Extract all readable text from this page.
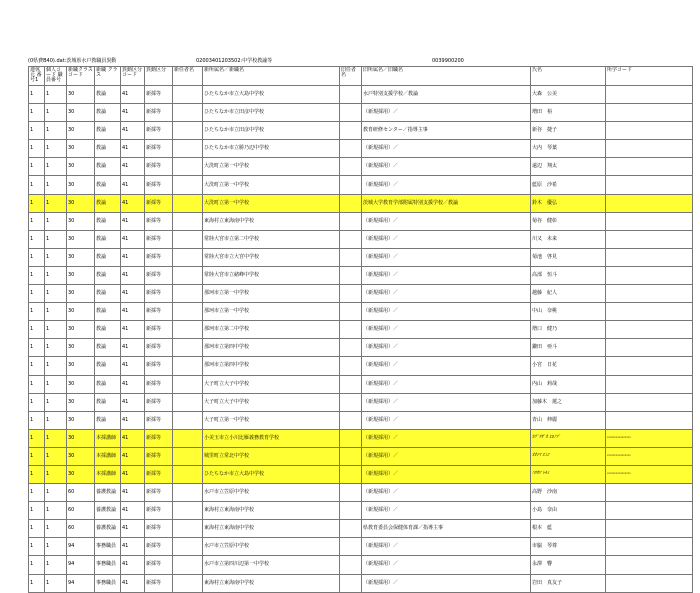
(0県費B40).dat:茨城県水戸教職員異動	02003401203502:中学校教諭等	0039900200
連休元 番号1	個人コード 職員番号	新職クラス コード	新職 クラス	異動区分 コード	異動区分	新任者名	新所属名／新職名	旧任者名	旧所属名／旧職名	氏名	所学コード
1	1	30	教論	41	新採等		ひたちなか市立大島中学校		水戸特別支援学校／教論	大森　公美	
1	1	30	教論	41	新採等		ひたちなか市立田彦中学校		（新規採用）／	増田　裕	
1	1	30	教論	41	新採等		ひたちなか市立田彦中学校		教育研修センター／指導主事	新谷　捷子	
1	1	30	教論	41	新採等		ひたちなか市立勝乃辺中学校		（新規採用）／	大内　琴葉	
1	1	30	教論	41	新採等		大洗町立第一中学校		（新規採用）／	遠辺　翔太	
1	1	30	教論	41	新採等		大洗町立第一中学校		（新規採用）／	藍原　沙希	
1	1	30	教論	41	新採等		大洗町立第一中学校		茨城大学教育学部附属特別支援学校／教論	鈴木　優弘	
1	1	30	教論	41	新採等		東海村立東海南中学校		（新規採用）／	菊谷　健彰	
1	1	30	教論	41	新採等		常陸大宮市立第二中学校		（新規採用）／	川又　未来	
1	1	30	教論	41	新採等		常陸大宮市立大宮中学校		（新規採用）／	菊池　啓見	
1	1	30	教論	41	新採等		常陸大宮市立緒峰中学校		（新規採用）／	高部　恒斗	
1	1	30	教論	41	新採等		那珂市立第一中学校		（新規採用）／	越藤　紀人	
1	1	30	教論	41	新採等		那珂市立第一中学校		（新規採用）／	中山　奈桃	
1	1	30	教論	41	新採等		那珂市立第二中学校		（新規採用）／	増口　健乃	
1	1	30	教論	41	新採等		那珂市立第四中学校		（新規採用）／	鎌田　亜斗	
1	1	30	教論	41	新採等		那珂市立第四中学校		（新規採用）／	小宮　日花	
1	1	30	教論	41	新採等		大子町立大子中学校		（新規採用）／	内山　莉哉	
1	1	30	教論	41	新採等		大子町立大子中学校		（新規採用）／	加藤木　蓮之	
1	1	30	教論	41	新採等		大子町立第一中学校		（新規採用）／	青山　伸麗	
1	1	30	本採講師	41	新採等		小美玉市立小川比雁義務教育学校		（新規採用）／	ｶｸﾞﾗｻﾞｶ ﾋﾛﾉﾌﾞ	xxxxxxxxxxxxxxxx
1	1	30	本採講師	41	新採等		城里町立常北中学校		（新規採用）／	ｵｵｼﾏ ｴﾐｺ	xxxxxxxxxxxxxxxx
1	1	30	本採講師	41	新採等		ひたちなか市立大島中学校		（新規採用）／	ﾊﾂｶﾜ ﾄﾓﾐ	xxxxxxxxxxxxxxxx
1	1	60	養護教論	41	新採等		水戸市立笠原中学校		（新規採用）／	高野　沙南	
1	1	60	養護教論	41	新採等		東海村立東海南中学校		（新規採用）／	小島　奈由	
1	1	60	養護教論	41	新採等		東海村立東海南中学校		県教育委員会保健体育課／指導主事	根本　藍	
1	1	94	事務職員	41	新採等		水戸市立笠原中学校		（新規採用）／	市脇　琴尊	
1	1	94	事務職員	41	新採等		水戸市立第四川辺第一中学校		（新規採用）／	永澤　響	
1	1	94	事務職員	41	新採等		東海村立東海南中学校		（新規採用）／	岩田　真友子	
